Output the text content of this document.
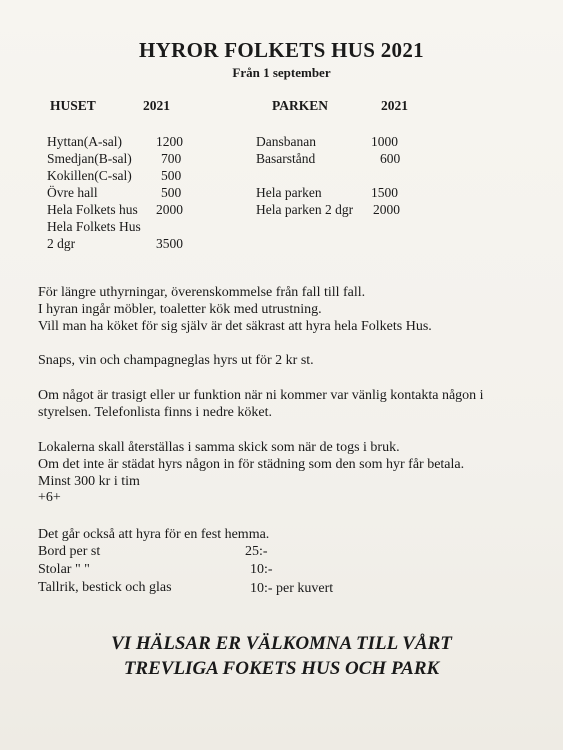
HYROR FOLKETS HUS 2021
Från 1 september
HUSET	2021
Hyttan(A-sal)	1200
Smedjan(B-sal) 700
Kokillen(C-sal) 500
Övre hall	500
Hela Folkets hus 2000
Hela Folkets Hus
2 dgr	3500
PARKEN	2021
Dansbanan	1000
Basarstånd	600
Hela parken	1500
Hela parken 2 dgr 2000
För längre uthyrningar, överenskommelse från fall till fall.
I hyran ingår möbler, toaletter kök med utrustning.
Vill man ha köket för sig själv är det säkrast att hyra hela Folkets Hus.
Snaps, vin och champagneglas hyrs ut för 2 kr st.
Om något är trasigt eller ur funktion när ni kommer var vänlig kontakta någon i
styrelsen. Telefonlista finns i nedre köket.
Lokalerna skall återställas i samma skick som när de togs i bruk.
Om det inte är städat hyrs någon in för städning som den som hyr får betala.
Minst 300 kr i tim
+6+
Det går också att hyra för en fest hemma.
Bord per st	25:-
Stolar " "	10:-
Tallrik, bestick och glas	10:- per kuvert
VI HÄLSAR ER VÄLKOMNA TILL VÅRT
TREVLIGA FOKETS HUS OCH PARK
